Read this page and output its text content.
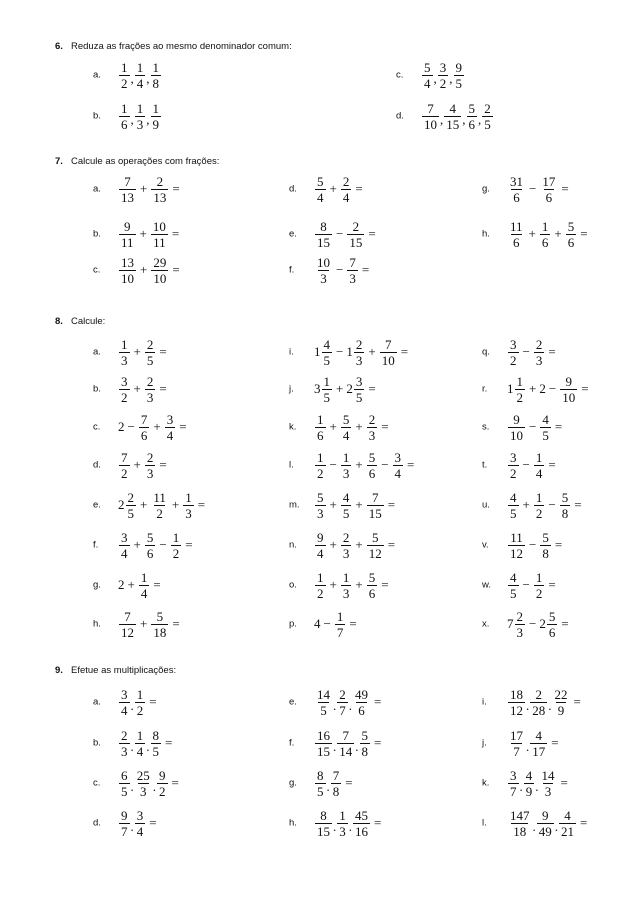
6. Reduza as frações ao mesmo denominador comum:
7. Calcule as operações com frações:
8. Calcule:
9. Efetue as multiplicações:
a. $\frac{1}{2}$ , $\frac{1}{4}$ , $\frac{1}{8}$
b. $\frac{1}{6}$ , $\frac{1}{3}$ , $\frac{1}{9}$
c. $\frac{5}{4}$ , $\frac{3}{2}$ , $\frac{9}{5}$
d. $\frac{7}{10}$ , $\frac{4}{15}$ , $\frac{5}{6}$ , $\frac{2}{5}$
a. $\frac{7}{13} + \frac{2}{13}$ =
b. $\frac{9}{11} + \frac{10}{11}$ =
c. $\frac{13}{10} + \frac{29}{10}$ =
d. $\frac{5}{4} + \frac{2}{4}$ =
e. $\frac{8}{15} - \frac{2}{15}$ =
f. $\frac{10}{3} - \frac{7}{3}$ =
g. $\frac{31}{6} - \frac{17}{6}$ =
h. $\frac{11}{6} + \frac{1}{6} + \frac{5}{6}$ =
a. $\frac{1}{3} + \frac{2}{5}$ =
b. $\frac{3}{2} + \frac{2}{3}$ =
c. $2 - \frac{7}{6} + \frac{3}{4}$ =
d. $\frac{7}{2} + \frac{2}{3}$ =
e. $2 \frac{2}{5} + \frac{11}{2} + \frac{1}{3}$ =
f. $\frac{3}{4} + \frac{5}{6} - \frac{1}{2}$ =
g. $2 + \frac{1}{4}$ =
h. $\frac{7}{12} + \frac{5}{18}$ =
i. $1 \frac{4}{5} - 1 \frac{2}{3} + \frac{7}{10}$ =
j. $3 \frac{1}{5} + 2 \frac{3}{5}$ =
k. $\frac{1}{6} + \frac{5}{4} + \frac{2}{3}$ =
l. $\frac{1}{2} - \frac{1}{3} + \frac{5}{6} - \frac{3}{4}$ =
m. $\frac{5}{3} + \frac{4}{5} + \frac{7}{15}$ =
n. $\frac{9}{4} + \frac{2}{3} + \frac{5}{12}$ =
o. $\frac{1}{2} + \frac{1}{3} + \frac{5}{6}$ =
p. $4 - \frac{1}{7}$ =
q. $\frac{3}{2} - \frac{2}{3}$ =
r. $1 \frac{1}{2} + 2 - \frac{9}{10}$ =
s. $\frac{9}{10} - \frac{4}{5}$ =
t. $\frac{3}{2} - \frac{1}{4}$ =
u. $\frac{4}{5} + \frac{1}{2} - \frac{5}{8}$ =
v. $\frac{11}{12} - \frac{5}{8}$ =
w. $\frac{4}{5} - \frac{1}{2}$ =
x. $7 \frac{2}{3} - 2 \frac{5}{6}$ =
a. $\frac{3}{4}$ . $\frac{1}{2}$ =
b. $\frac{2}{3}$ . $\frac{1}{4}$ . $\frac{8}{5}$ =
c. $\frac{6}{5}$ . $\frac{25}{3}$ . $\frac{9}{2}$ =
d. $\frac{9}{7}$ . $\frac{3}{4}$ =
e. $\frac{14}{5}$ . $\frac{2}{7}$ . $\frac{49}{6}$ =
f. $\frac{16}{15}$ . $\frac{7}{14}$ . $\frac{5}{8}$ =
g. $\frac{8}{5}$ . $\frac{7}{8}$ =
h. $\frac{8}{15}$ . $\frac{1}{3}$ . $\frac{45}{16}$ =
i. $\frac{18}{12}$ . $\frac{2}{28}$ . $\frac{22}{9}$ =
j. $\frac{17}{7}$ . $\frac{4}{17}$ =
k. $\frac{3}{7}$ . $\frac{4}{9}$ . $\frac{14}{3}$ =
l. $\frac{147}{18}$ . $\frac{9}{49}$ . $\frac{4}{21}$ =
